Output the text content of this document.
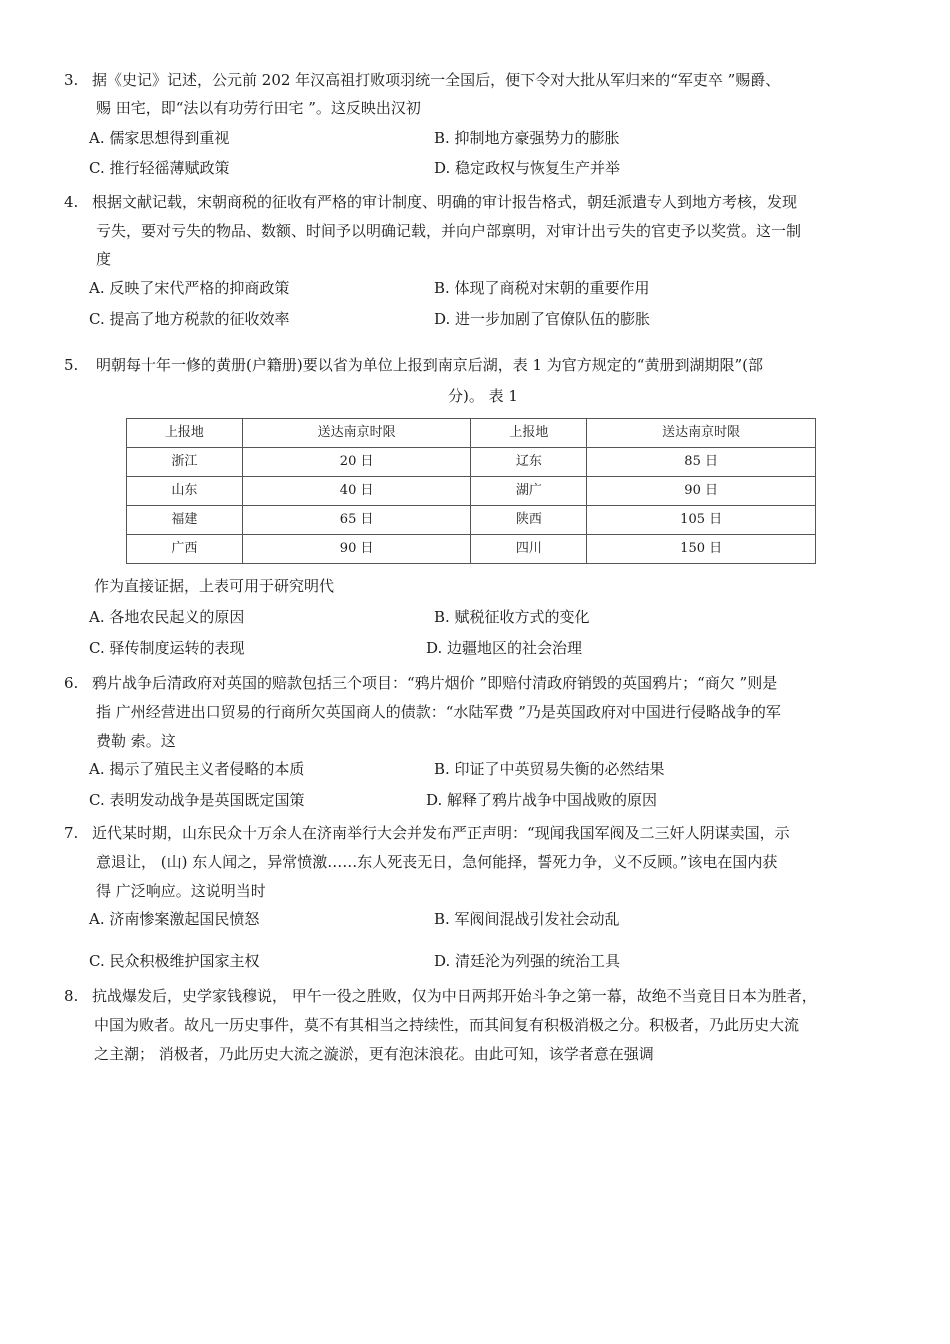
3. 据《史记》记述，公元前 202 年汉高祖打败项羽统一全国后，便下令对大批从军归来的“军吏卒 ”赐爵、
赐 田宅，即“法以有功劳行田宅 ”。这反映出汉初
A. 儒家思想得到重视	B. 抑制地方豪强势力的膨胀
C. 推行轻徭薄赋政策	D. 稳定政权与恢复生产并举
4. 根据文献记载，宋朝商税的征收有严格的审计制度、明确的审计报告格式，朝廷派遣专人到地方考核，发现
亏失，要对亏失的物品、数额、时间予以明确记载，并向户部禀明，对审计出亏失的官吏予以奖赏。这一制
度
A. 反映了宋代严格的抑商政策	B. 体现了商税对宋朝的重要作用
C. 提高了地方税款的征收效率	D. 进一步加剧了官僚队伍的膨胀
5. 明朝每十年一修的黄册(户籍册)要以省为单位上报到南京后湖，表 1 为官方规定的“黄册到湖期限”(部
分)。 表 1
上报地	送达南京时限	上报地	送达南京时限
浙江	20 日	辽东	85 日
山东	40 日	湖广	90 日
福建	65 日	陕西	105 日
广西	90 日	四川	150 日
作为直接证据，上表可用于研究明代
A. 各地农民起义的原因	B. 赋税征收方式的变化
C. 驿传制度运转的表现	D. 边疆地区的社会治理
6. 鸦片战争后清政府对英国的赔款包括三个项目：“鸦片烟价 ”即赔付清政府销毁的英国鸦片；“商欠 ”则是
指 广州经营进出口贸易的行商所欠英国商人的债款：“水陆军费 ”乃是英国政府对中国进行侵略战争的军
费勒 索。这
A. 揭示了殖民主义者侵略的本质	B. 印证了中英贸易失衡的必然结果
C. 表明发动战争是英国既定国策	D. 解释了鸦片战争中国战败的原因
7. 近代某时期，山东民众十万余人在济南举行大会并发布严正声明：“现闻我国军阀及二三奸人阴谋卖国，示
意退让， (山) 东人闻之，异常愤激……东人死丧无日，急何能择，誓死力争，义不反顾。”该电在国内获
得 广泛响应。这说明当时
A. 济南惨案激起国民愤怒	B. 军阀间混战引发社会动乱
C. 民众积极维护国家主权	D. 清廷沦为列强的统治工具
8. 抗战爆发后，史学家钱穆说， 甲午一役之胜败，仅为中日两邦开始斗争之第一幕，故绝不当竟目日本为胜者，
中国为败者。故凡一历史事件，莫不有其相当之持续性，而其间复有积极消极之分。积极者，乃此历史大流
之主潮； 消极者，乃此历史大流之漩淤，更有泡沫浪花。由此可知，该学者意在强调
